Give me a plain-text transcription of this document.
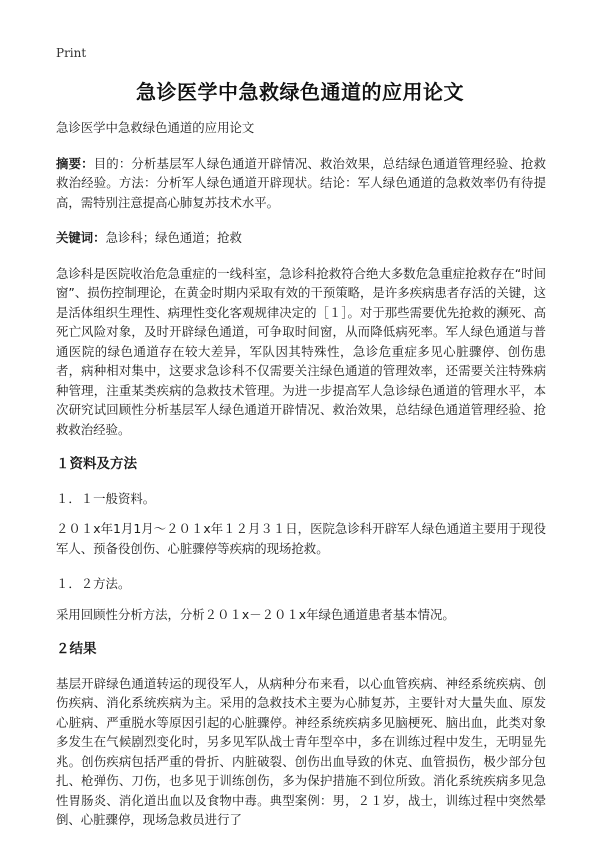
Print
急诊医学中急救绿色通道的应用论文

急诊医学中急救绿色通道的应用论文

摘要：目的：分析基层军人绿色通道开辟情况、救治效果，总结绿色通道管理经验、抢救救治经验。方法：分析军人绿色通道开辟现状。结论：军人绿色通道的急救效率仍有待提高，需特别注意提高心肺复苏技术水平。

关键词：急诊科；绿色通道；抢救

急诊科是医院收治危急重症的一线科室，急诊科抢救符合绝大多数危急重症抢救存在“时间窗”、损伤控制理论，在黄金时期内采取有效的干预策略，是许多疾病患者存活的关键，这是活体组织生理性、病理性变化客观规律决定的［１］。对于那些需要优先抢救的濒死、高死亡风险对象，及时开辟绿色通道，可争取时间窗，从而降低病死率。军人绿色通道与普通医院的绿色通道存在较大差异，军队因其特殊性，急诊危重症多见心脏骤停、创伤患者，病种相对集中，这要求急诊科不仅需要关注绿色通道的管理效率，还需要关注特殊病种管理，注重某类疾病的急救技术管理。为进一步提高军人急诊绿色通道的管理水平，本次研究试回顾性分析基层军人绿色通道开辟情况、救治效果，总结绿色通道管理经验、抢救救治经验。

１资料及方法

１．１一般资料。

２０１x年1月1月～２０１x年１２月３１日，医院急诊科开辟军人绿色通道主要用于现役军人、预备役创伤、心脏骤停等疾病的现场抢救。

１．２方法。

采用回顾性分析方法，分析２０１x－２０１x年绿色通道患者基本情况。

２结果

基层开辟绿色通道转运的现役军人，从病种分布来看，以心血管疾病、神经系统疾病、创伤疾病、消化系统疾病为主。采用的急救技术主要为心肺复苏，主要针对大量失血、原发心脏病、严重脱水等原因引起的心脏骤停。神经系统疾病多见脑梗死、脑出血，此类对象多发生在气候剧烈变化时，另多见军队战士青年型卒中，多在训练过程中发生，无明显先兆。创伤疾病包括严重的骨折、内脏破裂、创伤出血导致的休克、血管损伤，极少部分包扎、枪弹伤、刀伤，也多见于训练创伤，多为保护措施不到位所致。消化系统疾病多见急性胃肠炎、消化道出血以及食物中毒。典型案例：男，２１岁，战士，训练过程中突然晕倒、心脏骤停，现场急救员进行了
